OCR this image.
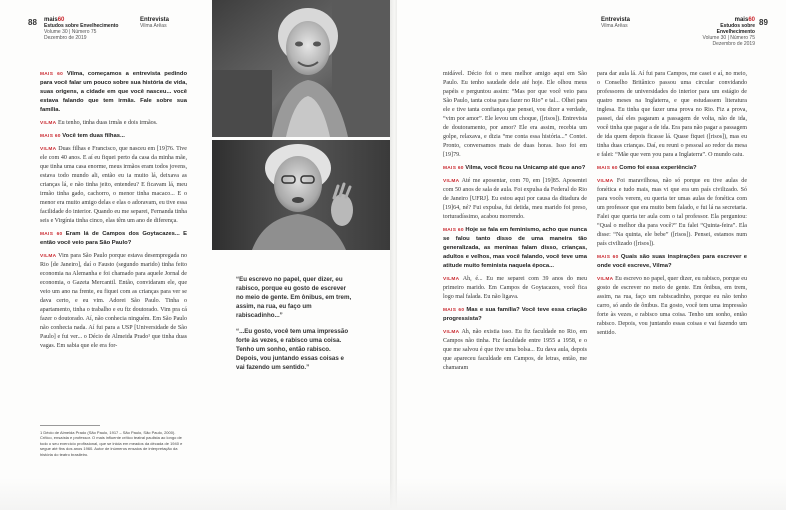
88 mais60
Estudos sobre Envelhecimento
Volume 30 | Número 75
Dezembro de 2019
Entrevista
Vilma Arêas

MAIS 60 Vilma, começamos a entrevista pedindo para você falar um pouco sobre sua história de vida, suas origens, a cidade em que você nasceu... você estava falando que tem irmãs. Fale sobre sua família.

VILMA Eu tenho, tinha duas irmãs e dois irmãos.

MAIS 60 Você tem duas filhas...

VILMA Duas filhas e Francisco, que nasceu em [19]76. Tive ele com 40 anos. E aí eu fiquei perto da casa da minha mãe, que tinha uma casa enorme, meus irmãos eram todos jovens, estava todo mundo ali, então eu ia muito lá, deixava as crianças lá, e não tinha jeito, entendeu? E ficavam lá, meu irmão tinha gado, cachorro, o menor tinha macaco... E o menor era muito amigo delas e elas o adoravam, eu tive essa facilidade do interior. Quando eu me separei, Fernanda tinha seis e Virgínia tinha cinco, elas têm um ano de diferença.

MAIS 60 Eram lá de Campos dos Goytacazes... E então você veio para São Paulo?

VILMA Vim para São Paulo porque estava desempregada no Rio [de Janeiro], daí o Fausto (segundo marido) tinha feito economia na Alemanha e foi chamado para aquele Jornal de economia, o Gazeta Mercantil. Então, convidaram ele, que veio um ano na frente, eu fiquei com as crianças para ver se dava certo, e eu vim. Adorei São Paulo. Tinha o apartamento, tinha o trabalho e eu fiz doutorado. Vim pra cá fazer o doutorado. Aí, não conhecia ninguém. Em São Paulo não conhecia nada. Aí fui para a USP [Universidade de São Paulo] e fui ver... o Décio de Almeida Prado¹ que tinha duas vagas. Em sabia que ele era for-

1 Décio de Almeida Prado (São Paulo, 1917 – São Paulo, São Paulo, 2000). Crítico, ensaísta e professor. O mais influente crítico teatral paulista ao longo de todo o seu exercício profissional, que se inicia em meados da década de 1940 e segue até fins dos anos 1960. Autor de inúmeros ensaios de interpretação da história do teatro brasileiro.
“Eu escrevo no papel, quer dizer, eu rabisco, porque eu gosto de escrever no meio de gente. Em ônibus, em trem, assim, na rua, eu faço um rabiscadinho...”
“...Eu gosto, você tem uma impressão forte às vezes, e rabisco uma coisa. Tenho um sonho, então rabisco. Depois, vou juntando essas coisas e vai fazendo um sentido.”
Entrevista
Vilma Arêas
mais60
Estudos sobre Envelhecimento
Volume 30 | Número 75
Dezembro de 2019
89

midável. Décio foi o meu melhor amigo aqui em São Paulo. Eu tenho saudade dele até hoje. Ele olhou meus papéis e perguntou assim: “Mas por que você veio para São Paulo, tanta coisa para fazer no Rio” e tal... Olhei para ele e tive tanta confiança que pensei, vou dizer a verdade, “vim por amor”. Ele levou um choque, ([risos]). Entrevista de doutoramento, por amor? Ele era assim, recebia um golpe, relaxava, e dizia “me conta essa história...” Contei. Pronto, conversamos mais de duas horas. Isso foi em [19]79.

MAIS 60 Vilma, você ficou na Unicamp até que ano?

VILMA Até me aposentar, com 70, em [19]85. Aposentei com 50 anos de sala de aula. Foi expulsa da Federal do Rio de Janeiro [UFRJ]. Eu estou aqui por causa da ditadura de [19]64, né? Fui expulsa, fui detida, meu marido foi preso, torturadíssimo, acabou morrendo.

MAIS 60 Hoje se fala em feminismo, acho que nunca se falou tanto disso de uma maneira tão generalizada, as meninas falam disso, crianças, adultos e velhos, mas você falando, você teve uma atitude muito feminista naquela época...

VILMA Ah, é... Eu me separei com 39 anos do meu primeiro marido. Em Campos de Goytacazes, você fica logo mal falada. Eu não ligava.

MAIS 60 Mas e sua família? Você teve essa criação progressista?

VILMA Ah, não existia isso. Eu fiz faculdade no Rio, em Campos não tinha. Fiz faculdade entre 1955 a 1958, e o que me salvou é que tive uma bolsa... Eu dava aula, depois que apareceu faculdade em Campos, de letras, então, me chamaram

para dar aula lá. Aí fui para Campos, me casei e aí, no meio, o Conselho Britânico passou uma circular convidando professores de universidades do interior para um estágio de quatro meses na Inglaterra, e que estudassem literatura inglesa. Eu tinha que fazer uma prova no Rio. Fiz a prova, passei, daí eles pagaram a passagem de volta, não de ida, você tinha que pagar a de ida. Era para não pagar a passagem de ida quem depois ficasse lá. Quase fiquei ([risos]), mas eu tinha duas crianças. Daí, eu reuni o pessoal ao redor da mesa e falei: “Mãe que vem you para a Inglaterra”. O mundo caiu.

MAIS 60 Como foi essa experiência?

VILMA Foi maravilhosa, não só porque eu tive aulas de fonética e tudo mais, mas vi que era um país civilizado. Só para vocês verem, eu queria ter umas aulas de fonética com um professor que era muito bem falado, e fui lá na secretaria. Falei que queria ter aula com o tal professor. Ela perguntou: “Qual o melhor dia para você?” Eu falei “Quinta-feira”. Ela disse: “Na quinta, ele bebe” ([risos]). Pensei, estamos num país civilizado ([risos]).

MAIS 60 Quais são suas inspirações para escrever e onde você escreve, Vilma?

VILMA Eu escrevo no papel, quer dizer, eu rabisco, porque eu gosto de escrever no meio de gente. Em ônibus, em trem, assim, na rua, faço um rabiscadinho, porque eu não tenho carro, só ando de ônibus. Eu gosto, você tem uma impressão forte às vezes, e rabisco uma coisa. Tenho um sonho, então rabisco. Depois, vou juntando essas coisas e vai fazendo um sentido.
